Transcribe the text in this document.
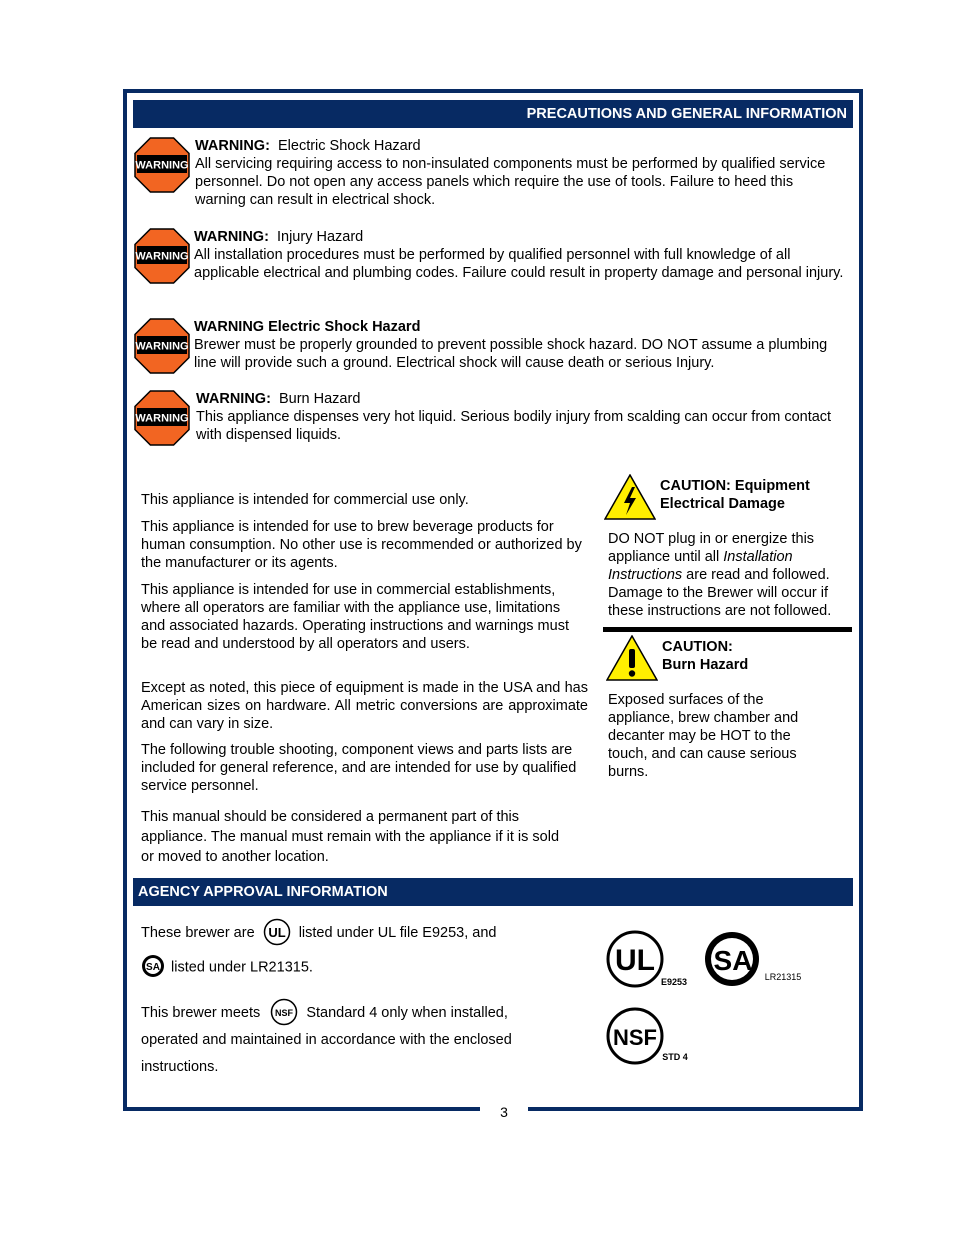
3
PRECAUTIONS AND GENERAL INFORMATION
WARNING
WARNING: Electric Shock Hazard
All servicing requiring access to non-insulated components must be performed by qualified service personnel. Do not open any access panels which require the use of tools. Failure to heed this warning can result in electrical shock.
WARNING
WARNING: Injury Hazard
All installation procedures must be performed by qualified personnel with full knowledge of all applicable electrical and plumbing codes. Failure could result in property damage and personal injury.
WARNING
WARNING Electric Shock Hazard
Brewer must be properly grounded to prevent possible shock hazard. DO NOT assume a plumbing line will provide such a ground. Electrical shock will cause death or serious Injury.
WARNING
WARNING: Burn Hazard
This appliance dispenses very hot liquid. Serious bodily injury from scalding can occur from contact with dispensed liquids.

This appliance is intended for commercial use only.

This appliance is intended for use to brew beverage products for human consumption. No other use is recommended or authorized by the manufacturer or its agents.

This appliance is intended for use in commercial establishments, where all operators are familiar with the appliance use, limitations and associated hazards. Operating instructions and warnings must be read and understood by all operators and users.

Except as noted, this piece of equipment is made in the USA and has American sizes on hardware. All metric conversions are approximate and can vary in size.

The following trouble shooting, component views and parts lists are included for general reference, and are intended for use by qualified service personnel.

This manual should be considered a permanent part of this appliance. The manual must remain with the appliance if it is sold or moved to another location.

CAUTION: Equipment
Electrical Damage
DO NOT plug in or energize this appliance until all Installation Instructions are read and followed. Damage to the Brewer will occur if these instructions are not followed.
CAUTION:
Burn Hazard
Exposed surfaces of the appliance, brew chamber and decanter may be HOT to the touch, and can cause serious burns.
AGENCY APPROVAL INFORMATION
These brewer are UL listed under UL file E9253, and
SA listed under LR21315.
This brewer meets NSF Standard 4 only when installed,
operated and maintained in accordance with the enclosed
instructions.
UL
E9253
SA
LR21315
NSF
STD 4
